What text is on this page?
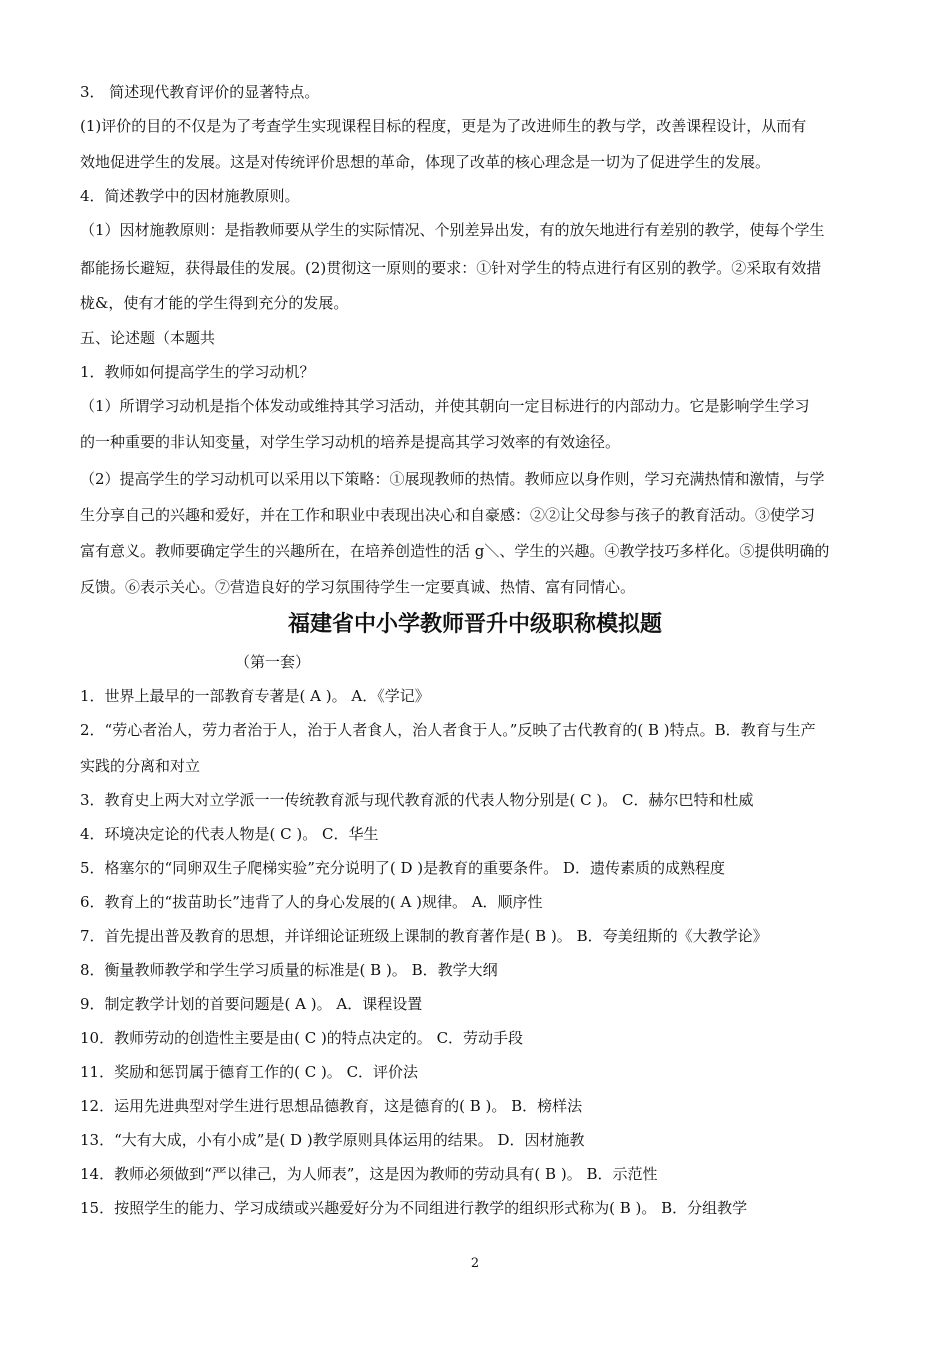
3． 简述现代教育评价的显著特点。
(1)评价的目的不仅是为了考查学生实现课程目标的程度，更是为了改进师生的教与学，改善课程设计，从而有
效地促进学生的发展。这是对传统评价思想的革命，体现了改革的核心理念是一切为了促进学生的发展。
4．简述教学中的因材施教原则。
（1）因材施教原则：是指教师要从学生的实际情况、个别差异出发，有的放矢地进行有差别的教学，使每个学生
都能扬长避短，获得最佳的发展。(2)贯彻这一原则的要求：①针对学生的特点进行有区别的教学。②采取有效措
栊&，使有才能的学生得到充分的发展。
五、论述题（本题共
1．教师如何提高学生的学习动机？
（1）所谓学习动机是指个体发动或维持其学习活动，并使其朝向一定目标进行的内部动力。它是影响学生学习
的一种重要的非认知变量，对学生学习动机的培养是提高其学习效率的有效途径。
（2）提高学生的学习动机可以采用以下策略：①展现教师的热情。教师应以身作则，学习充满热情和激情，与学
生分享自己的兴趣和爱好，并在工作和职业中表现出决心和自豪感：②②让父母参与孩子的教育活动。③使学习
富有意义。教师要确定学生的兴趣所在，在培养创造性的活 g＼、学生的兴趣。④教学技巧多样化。⑤提供明确的
反馈。⑥表示关心。⑦营造良好的学习氛围待学生一定要真诚、热情、富有同情心。
福建省中小学教师晋升中级职称模拟题
（第一套）
1．世界上最早的一部教育专著是( A )。 A．《学记》
2．“劳心者治人，劳力者治于人，治于人者食人，治人者食于人。”反映了古代教育的( B )特点。B．教育与生产
实践的分离和对立
3．教育史上两大对立学派一一传统教育派与现代教育派的代表人物分别是( C )。 C．赫尔巴特和杜威
4．环境决定论的代表人物是( C )。 C．华生
5．格塞尔的“同卵双生子爬梯实验”充分说明了( D )是教育的重要条件。 D．遗传素质的成熟程度
6．教育上的“拔苗助长”违背了人的身心发展的( A )规律。 A．顺序性
7．首先提出普及教育的思想，并详细论证班级上课制的教育著作是( B )。 B．夸美纽斯的《大教学论》
8．衡量教师教学和学生学习质量的标准是( B )。 B．教学大纲
9．制定教学计划的首要问题是( A )。 A．课程设置
10．教师劳动的创造性主要是由( C )的特点决定的。 C．劳动手段
11．奖励和惩罚属于德育工作的( C )。 C．评价法
12．运用先进典型对学生进行思想品德教育，这是德育的( B )。 B．榜样法
13．“大有大成，小有小成”是( D )教学原则具体运用的结果。 D．因材施教
14．教师必须做到“严以律己，为人师表”，这是因为教师的劳动具有( B )。 B．示范性
15．按照学生的能力、学习成绩或兴趣爱好分为不同组进行教学的组织形式称为( B )。 B．分组教学
2
